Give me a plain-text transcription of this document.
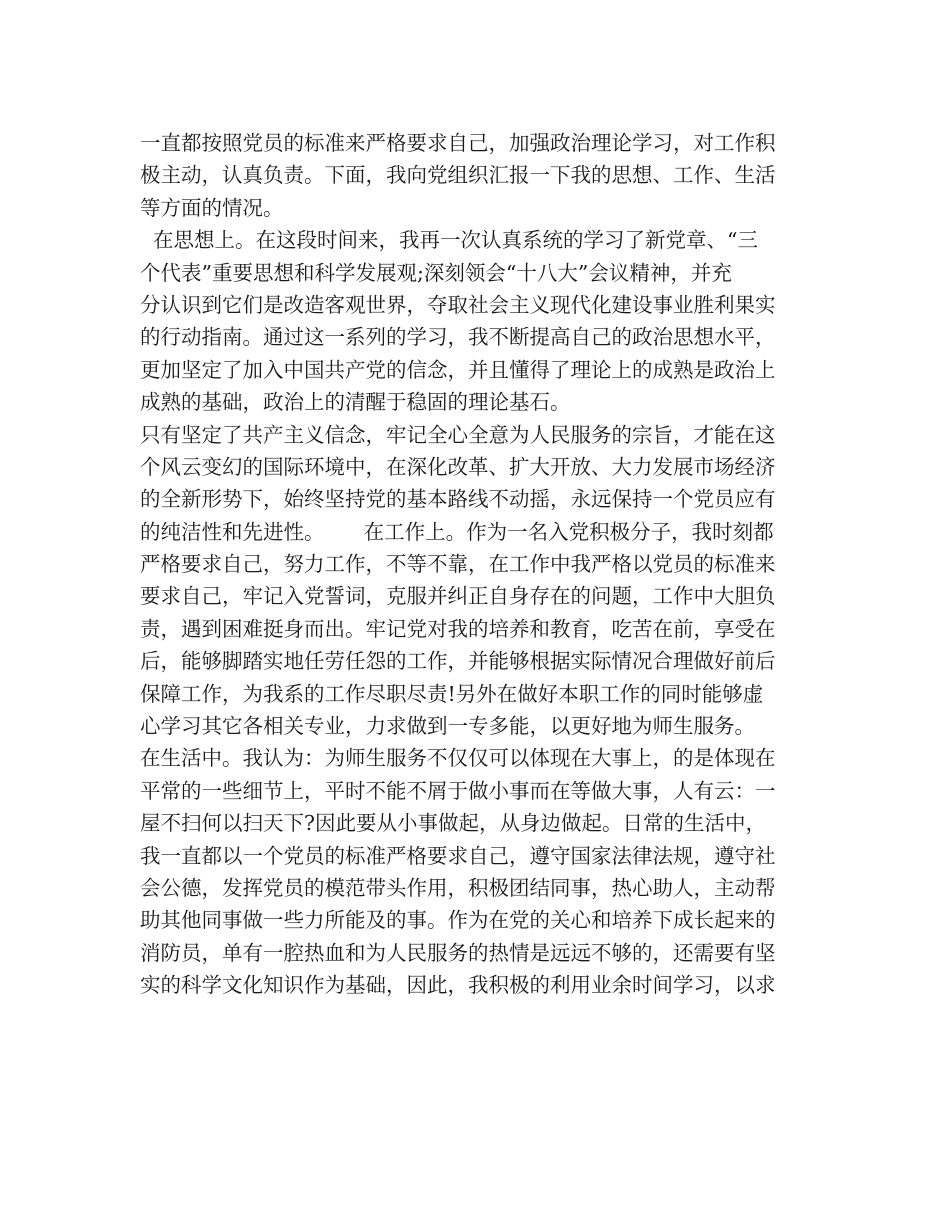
一直都按照党员的标准来严格要求自己，加强政治理论学习，对工作积
极主动，认真负责。下面，我向党组织汇报一下我的思想、工作、生活
等方面的情况。
在思想上。在这段时间来，我再一次认真系统的学习了新党章、“三
个代表”重要思想和科学发展观;深刻领会“十八大”会议精神，并充
分认识到它们是改造客观世界，夺取社会主义现代化建设事业胜利果实
的行动指南。通过这一系列的学习，我不断提高自己的政治思想水平，
更加坚定了加入中国共产党的信念，并且懂得了理论上的成熟是政治上
成熟的基础，政治上的清醒于稳固的理论基石。
只有坚定了共产主义信念，牢记全心全意为人民服务的宗旨，才能在这
个风云变幻的国际环境中，在深化改革、扩大开放、大力发展市场经济
的全新形势下，始终坚持党的基本路线不动摇，永远保持一个党员应有
的纯洁性和先进性。      在工作上。作为一名入党积极分子，我时刻都
严格要求自己，努力工作，不等不靠，在工作中我严格以党员的标准来
要求自己，牢记入党誓词，克服并纠正自身存在的问题，工作中大胆负
责，遇到困难挺身而出。牢记党对我的培养和教育，吃苦在前，享受在
后，能够脚踏实地任劳任怨的工作，并能够根据实际情况合理做好前后
保障工作，为我系的工作尽职尽责!另外在做好本职工作的同时能够虚
心学习其它各相关专业，力求做到一专多能，以更好地为师生服务。
在生活中。我认为：为师生服务不仅仅可以体现在大事上，的是体现在
平常的一些细节上，平时不能不屑于做小事而在等做大事，人有云：一
屋不扫何以扫天下?因此要从小事做起，从身边做起。日常的生活中，
我一直都以一个党员的标准严格要求自己，遵守国家法律法规，遵守社
会公德，发挥党员的模范带头作用，积极团结同事，热心助人，主动帮
助其他同事做一些力所能及的事。作为在党的关心和培养下成长起来的
消防员，单有一腔热血和为人民服务的热情是远远不够的，还需要有坚
实的科学文化知识作为基础，因此，我积极的利用业余时间学习，以求
